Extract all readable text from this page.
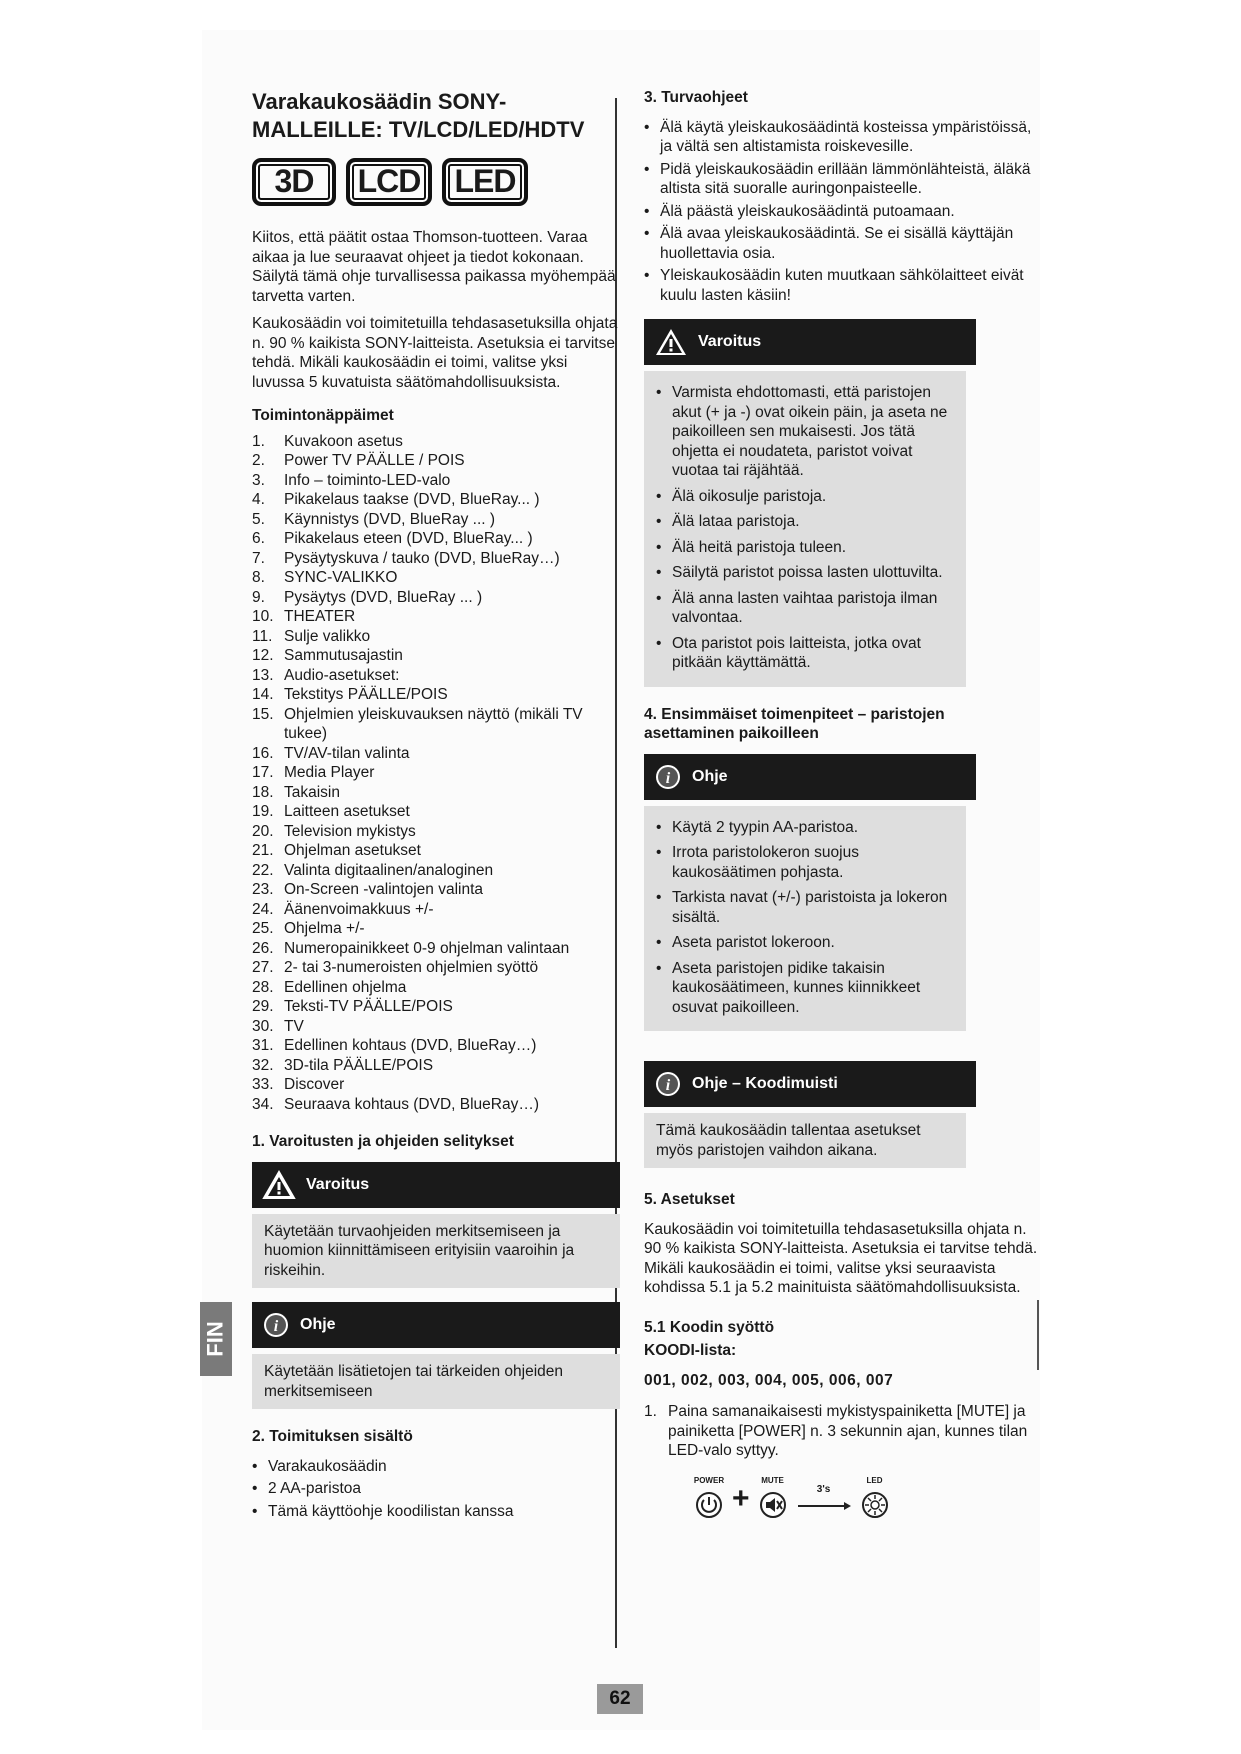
FIN
Varakaukosäädin SONY-
MALLEILLE: TV/LCD/LED/HDTV
3D	LCD	LED

Kiitos, että päätit ostaa Thomson-tuotteen. Varaa aikaa ja lue seuraavat ohjeet ja tiedot kokonaan. Säilytä tämä ohje turvallisessa paikassa myöhempää tarvetta varten.

Kaukosäädin voi toimitetuilla tehdasasetuksilla ohjata n. 90 % kaikista SONY-laitteista. Asetuksia ei tarvitse tehdä. Mikäli kaukosäädin ei toimi, valitse yksi luvussa 5 kuvatuista säätömahdollisuuksista.

Toimintonäppäimet
1.	Kuvakoon asetus
2.	Power TV PÄÄLLE / POIS
3.	Info – toiminto-LED-valo
4.	Pikakelaus taakse (DVD, BlueRay... )
5.	Käynnistys (DVD, BlueRay ... )
6.	Pikakelaus eteen (DVD, BlueRay... )
7.	Pysäytyskuva / tauko (DVD, BlueRay…)
8.	SYNC-VALIKKO
9.	Pysäytys (DVD, BlueRay ... )
10. THEATER
11. Sulje valikko
12. Sammutusajastin
13. Audio-asetukset:
14. Tekstitys PÄÄLLE/POIS
15. Ohjelmien yleiskuvauksen näyttö (mikäli TV tukee)
16. TV/AV-tilan valinta
17. Media Player
18. Takaisin
19. Laitteen asetukset
20. Television mykistys
21. Ohjelman asetukset
22. Valinta digitaalinen/analoginen
23. On-Screen -valintojen valinta
24. Äänenvoimakkuus +/-
25. Ohjelma +/-
26. Numeropainikkeet 0-9 ohjelman valintaan
27. 2- tai 3-numeroisten ohjelmien syöttö
28. Edellinen ohjelma
29. Teksti-TV PÄÄLLE/POIS
30. TV
31. Edellinen kohtaus (DVD, BlueRay…)
32. 3D-tila PÄÄLLE/POIS
33. Discover
34. Seuraava kohtaus (DVD, BlueRay…)
1. Varoitusten ja ohjeiden selitykset
Varoitus
Käytetään turvaohjeiden merkitsemiseen ja huomion kiinnittämiseen erityisiin vaaroihin ja riskeihin.
i Ohje
Käytetään lisätietojen tai tärkeiden ohjeiden merkitsemiseen
2. Toimituksen sisältö
• Varakaukosäädin
• 2 AA-paristoa
• Tämä käyttöohje koodilistan kanssa
3. Turvaohjeet
• Älä käytä yleiskaukosäädintä kosteissa ympäristöissä, ja vältä sen altistamista roiskevesille.
• Pidä yleiskaukosäädin erillään lämmönlähteistä, äläkä altista sitä suoralle auringonpaisteelle.
• Älä päästä yleiskaukosäädintä putoamaan.
• Älä avaa yleiskaukosäädintä. Se ei sisällä käyttäjän huollettavia osia.
• Yleiskaukosäädin kuten muutkaan sähkölaitteet eivät kuulu lasten käsiin!
Varoitus
• Varmista ehdottomasti, että paristojen akut (+ ja -) ovat oikein päin, ja aseta ne paikoilleen sen mukaisesti. Jos tätä ohjetta ei noudateta, paristot voivat vuotaa tai räjähtää.
• Älä oikosulje paristoja.
• Älä lataa paristoja.
• Älä heitä paristoja tuleen.
• Säilytä paristot poissa lasten ulottuvilta.
• Älä anna lasten vaihtaa paristoja ilman valvontaa.
• Ota paristot pois laitteista, jotka ovat pitkään käyttämättä.
4. Ensimmäiset toimenpiteet – paristojen asettaminen paikoilleen
i Ohje
• Käytä 2 tyypin AA-paristoa.
• Irrota paristolokeron suojus kaukosäätimen pohjasta.
• Tarkista navat (+/-) paristoista ja lokeron sisältä.
• Aseta paristot lokeroon.
• Aseta paristojen pidike takaisin kaukosäätimeen, kunnes kiinnikkeet osuvat paikoilleen.
i Ohje – Koodimuisti
Tämä kaukosäädin tallentaa asetukset myös paristojen vaihdon aikana.
5. Asetukset

Kaukosäädin voi toimitetuilla tehdasasetuksilla ohjata n. 90 % kaikista SONY-laitteista. Asetuksia ei tarvitse tehdä. Mikäli kaukosäädin ei toimi, valitse yksi seuraavista kohdissa 5.1 ja 5.2 mainituista säätömahdollisuuksista.

5.1 Koodin syöttö
KOODI-lista:
001, 002, 003, 004, 005, 006, 007
1. Paina samanaikaisesti mykistyspainiketta [MUTE] ja painiketta [POWER] n. 3 sekunnin ajan, kunnes tilan LED-valo syttyy.
POWER
+
MUTE
3's
LED
62
